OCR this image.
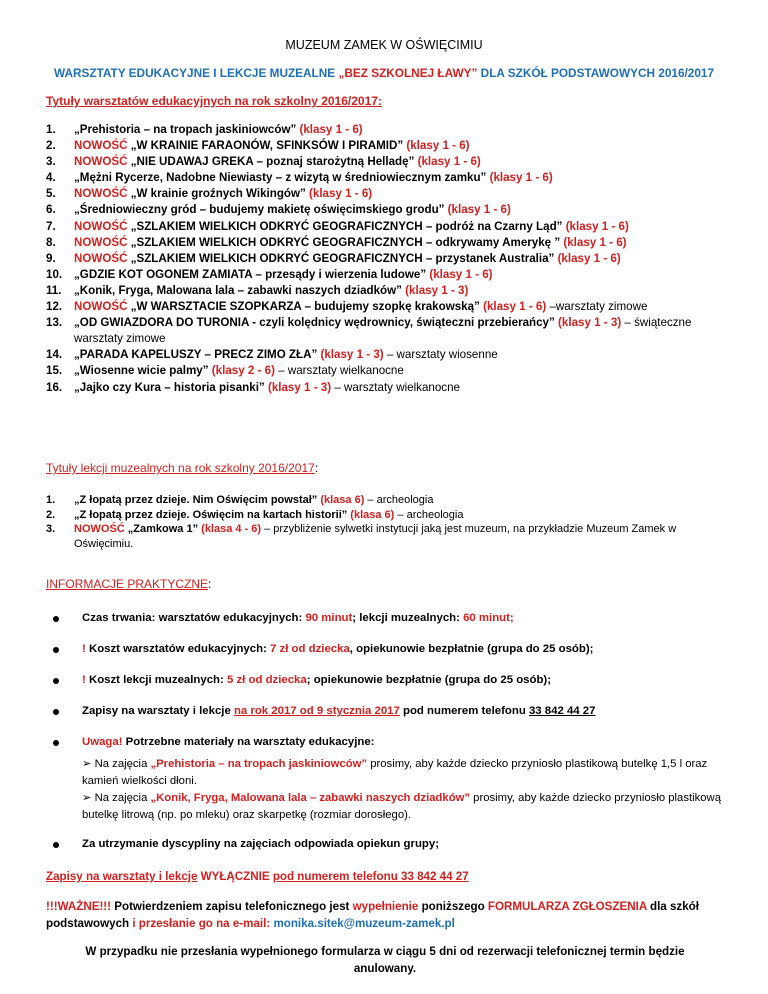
MUZEUM ZAMEK W OŚWIĘCIMIU
WARSZTATY EDUKACYJNE I LEKCJE MUZEALNE „BEZ SZKOLNEJ ŁAWY” DLA SZKÓŁ PODSTAWOWYCH 2016/2017
Tytuły warsztatów edukacyjnych na rok szkolny 2016/2017:
1.	„Prehistoria – na tropach jaskiniowców” (klasy 1 - 6)
2.	NOWOŚĆ „W KRAINIE FARAONÓW, SFINKSÓW I PIRAMID” (klasy 1 - 6)
3.	NOWOŚĆ „NIE UDAWAJ GREKA – poznaj starożytną Helladę” (klasy 1 - 6)
4.	„Mężni Rycerze, Nadobne Niewiasty – z wizytą w średniowiecznym zamku” (klasy 1 - 6)
5.	NOWOŚĆ „W krainie groźnych Wikingów” (klasy 1 - 6)
6.	„Średniowieczny gród – budujemy makietę oświęcimskiego grodu” (klasy 1 - 6)
7.	NOWOŚĆ „SZLAKIEM WIELKICH ODKRYĆ GEOGRAFICZNYCH – podróż na Czarny Ląd” (klasy 1 - 6)
8.	NOWOŚĆ „SZLAKIEM WIELKICH ODKRYĆ GEOGRAFICZNYCH – odkrywamy Amerykę ” (klasy 1 - 6)
9.	NOWOŚĆ „SZLAKIEM WIELKICH ODKRYĆ GEOGRAFICZNYCH – przystanek Australia” (klasy 1 - 6)
10.	„GDZIE KOT OGONEM ZAMIATA – przesądy i wierzenia ludowe” (klasy 1 - 6)
11.	„Konik, Fryga, Malowana lala – zabawki naszych dziadków” (klasy 1 - 3)
12.	NOWOŚĆ „W WARSZTACIE SZOPKARZA – budujemy szopkę krakowską” (klasy 1 - 6) –warsztaty zimowe
13.	„OD GWIAZDORA DO TURONIA - czyli kolędnicy wędrownicy, świąteczni przebierańcy” (klasy 1 - 3) – świąteczne warsztaty zimowe
14.	„PARADA KAPELUSZY – PRECZ ZIMO ZŁA” (klasy 1 - 3) – warsztaty wiosenne
15.	„Wiosenne wicie palmy” (klasy 2 - 6) – warsztaty wielkanocne
16.	„Jajko czy Kura – historia pisanki” (klasy 1 - 3) – warsztaty wielkanocne
Tytuły lekcji muzealnych na rok szkolny 2016/2017:
1.	„Z łopatą przez dzieje. Nim Oświęcim powstał” (klasa 6) – archeologia
2.	„Z łopatą przez dzieje. Oświęcim na kartach historii” (klasa 6) – archeologia
3.	NOWOŚĆ „Zamkowa 1” (klasa 4 - 6) – przybliżenie sylwetki instytucji jaką jest muzeum, na przykładzie Muzeum Zamek w Oświęcimiu.
INFORMACJE PRAKTYCZNE:
Czas trwania: warsztatów edukacyjnych: 90 minut; lekcji muzealnych: 60 minut;
! Koszt warsztatów edukacyjnych: 7 zł od dziecka, opiekunowie bezpłatnie (grupa do 25 osób);
! Koszt lekcji muzealnych: 5 zł od dziecka; opiekunowie bezpłatnie (grupa do 25 osób);
Zapisy na warsztaty i lekcje na rok 2017 od 9 stycznia 2017 pod numerem telefonu 33 842 44 27
Uwaga! Potrzebne materiały na warsztaty edukacyjne:
➢ Na zajęcia „Prehistoria – na tropach jaskiniowców” prosimy, aby każde dziecko przyniosło plastikową butelkę 1,5 l oraz kamień wielkości dłoni.
➢ Na zajęcia „Konik, Fryga, Malowana lala – zabawki naszych dziadków” prosimy, aby każde dziecko przyniosło plastikową butelkę litrową (np. po mleku) oraz skarpetkę (rozmiar dorosłego).
Za utrzymanie dyscypliny na zajęciach odpowiada opiekun grupy;
Zapisy na warsztaty i lekcje WYŁĄCZNIE pod numerem telefonu 33 842 44 27
!!!WAŻNE!!! Potwierdzeniem zapisu telefonicznego jest wypełnienie poniższego FORMULARZA ZGŁOSZENIA dla szkół podstawowych i przesłanie go na e-mail: monika.sitek@muzeum-zamek.pl
W przypadku nie przesłania wypełnionego formularza w ciągu 5 dni od rezerwacji telefonicznej termin będzie anulowany.
